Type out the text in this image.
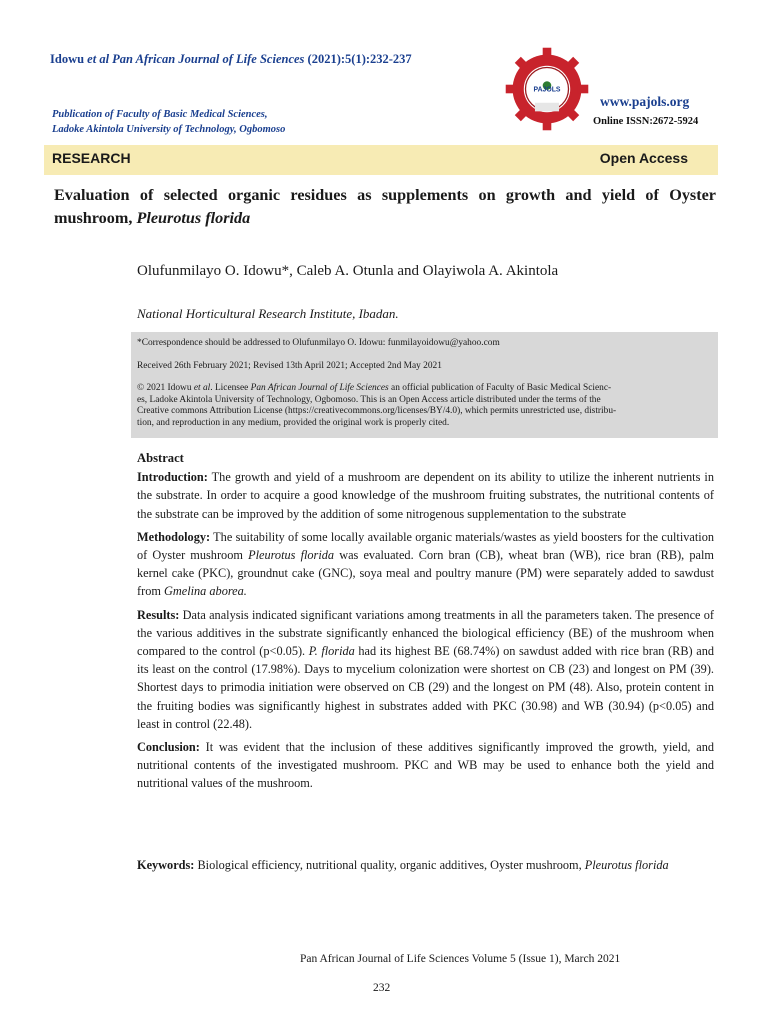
Idowu et al Pan African Journal of Life Sciences (2021):5(1):232-237
Publication of Faculty of Basic Medical Sciences,
Ladoke Akintola University of Technology, Ogbomoso
PAJOLS
www.pajols.org
Online ISSN:2672-5924
RESEARCH	Open Access
Evaluation of selected organic residues as supplements on growth and yield of Oyster mushroom, Pleurotus florida
Olufunmilayo O. Idowu*, Caleb A. Otunla and Olayiwola A. Akintola
National Horticultural Research Institute, Ibadan.
*Correspondence should be addressed to Olufunmilayo O. Idowu: funmilayoidowu@yahoo.com
Received 26th February 2021; Revised 13th April 2021; Accepted 2nd May 2021
© 2021 Idowu et al. Licensee Pan African Journal of Life Sciences an official publication of Faculty of Basic Medical Scienc-
es, Ladoke Akintola University of Technology, Ogbomoso. This is an Open Access article distributed under the terms of the
Creative commons Attribution License (https://creativecommons.org/licenses/BY/4.0), which permits unrestricted use, distribu-
tion, and reproduction in any medium, provided the original work is properly cited.
Abstract

Introduction: The growth and yield of a mushroom are dependent on its ability to utilize the inherent nutrients in the substrate. In order to acquire a good knowledge of the mushroom fruiting substrates, the nutritional contents of the substrate can be improved by the addition of some nitrogenous supplementation to the substrate

Methodology: The suitability of some locally available organic materials/wastes as yield boosters for the cultivation of Oyster mushroom Pleurotus florida was evaluated. Corn bran (CB), wheat bran (WB), rice bran (RB), palm kernel cake (PKC), groundnut cake (GNC), soya meal and poultry manure (PM) were separately added to sawdust from Gmelina aborea.

Results: Data analysis indicated significant variations among treatments in all the parameters taken. The presence of the various additives in the substrate significantly enhanced the biological efficiency (BE) of the mushroom when compared to the control (p<0.05). P. florida had its highest BE (68.74%) on sawdust added with rice bran (RB) and its least on the control (17.98%). Days to mycelium colonization were shortest on CB (23) and longest on PM (39). Shortest days to primodia initiation were observed on CB (29) and the longest on PM (48). Also, protein content in the fruiting bodies was significantly highest in substrates added with PKC (30.98) and WB (30.94) (p<0.05) and least in control (22.48).

Conclusion: It was evident that the inclusion of these additives significantly improved the growth, yield, and nutritional contents of the investigated mushroom. PKC and WB may be used to enhance both the yield and nutritional values of the mushroom.

Keywords: Biological efficiency, nutritional quality, organic additives, Oyster mushroom, Pleurotus florida
Pan African Journal of Life Sciences Volume 5 (Issue 1), March 2021
232
